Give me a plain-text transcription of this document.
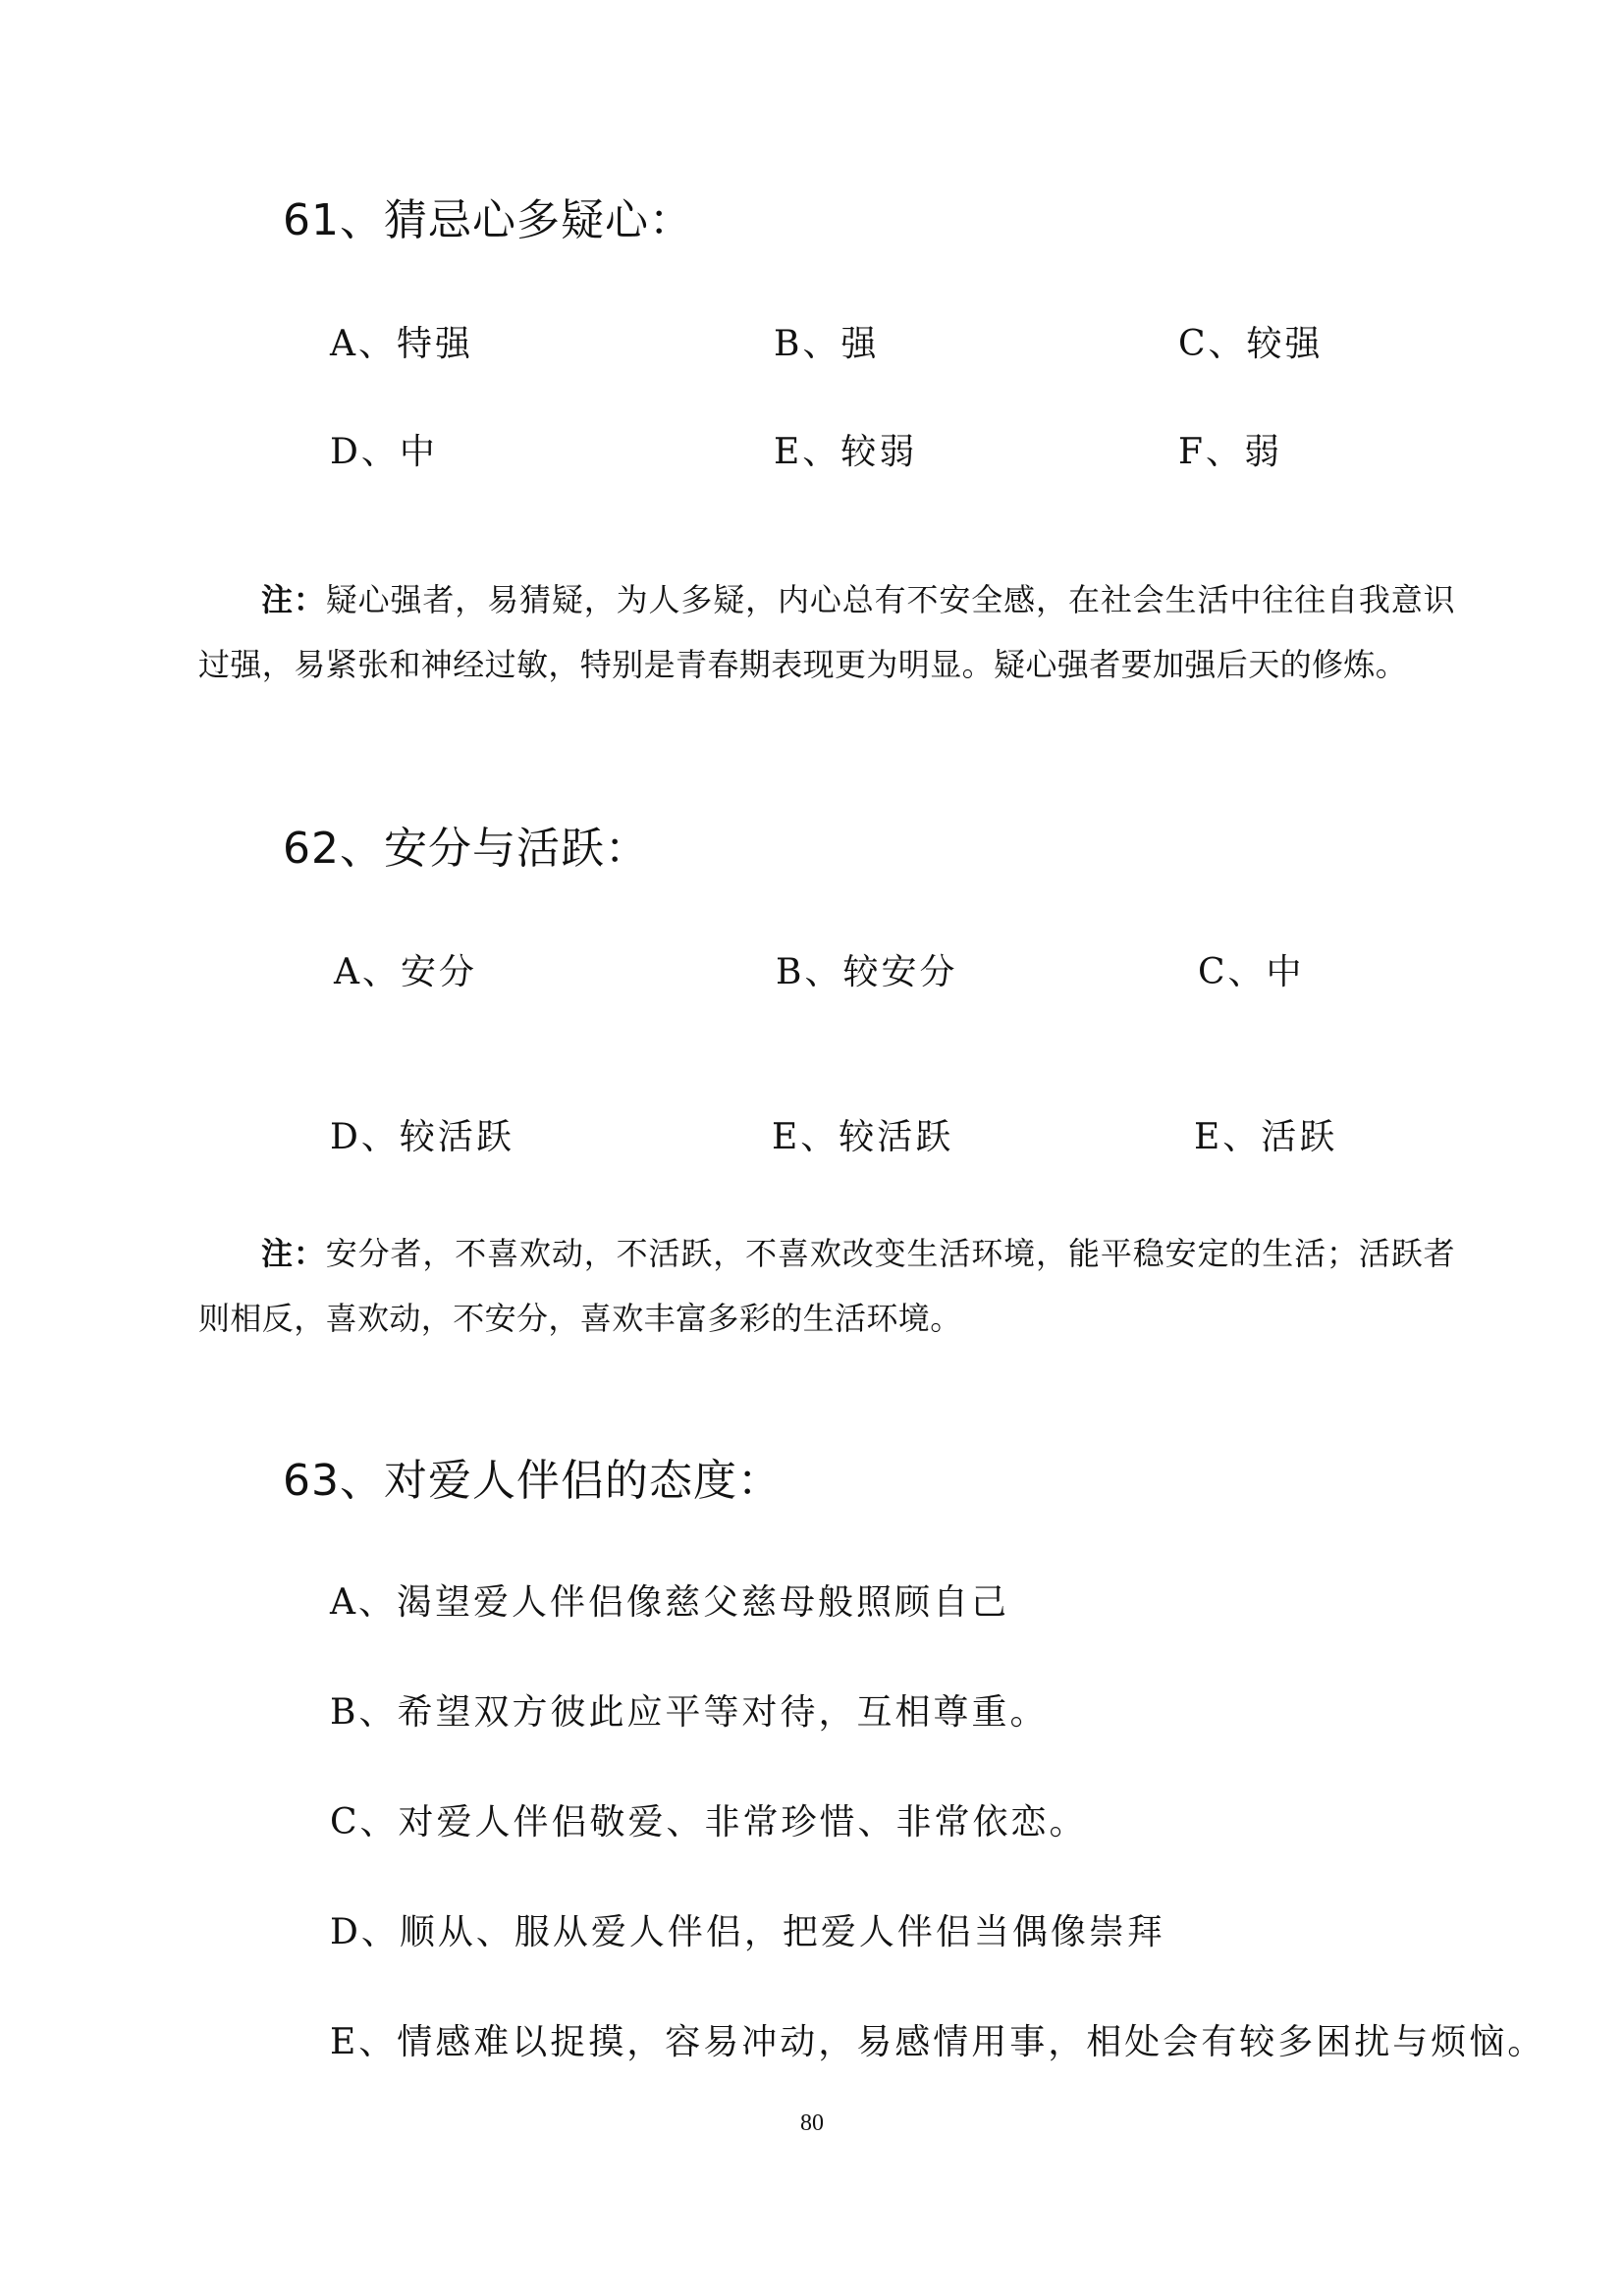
61、猜忌心多疑心：
A、特强	B、强	C、较强
D、中	E、较弱	F、弱
注：疑心强者，易猜疑，为人多疑，内心总有不安全感，在社会生活中往往自我意识过强，易紧张和神经过敏，特别是青春期表现更为明显。疑心强者要加强后天的修炼。
62、安分与活跃：
A、安分	B、较安分	C、中
D、较活跃	E、较活跃	E、活跃
注：安分者，不喜欢动，不活跃，不喜欢改变生活环境，能平稳安定的生活；活跃者则相反，喜欢动，不安分，喜欢丰富多彩的生活环境。
63、对爱人伴侣的态度：
A、渴望爱人伴侣像慈父慈母般照顾自己
B、希望双方彼此应平等对待，互相尊重。
C、对爱人伴侣敬爱、非常珍惜、非常依恋。
D、顺从、服从爱人伴侣，把爱人伴侣当偶像崇拜
E、情感难以捉摸，容易冲动，易感情用事，相处会有较多困扰与烦恼。
80
